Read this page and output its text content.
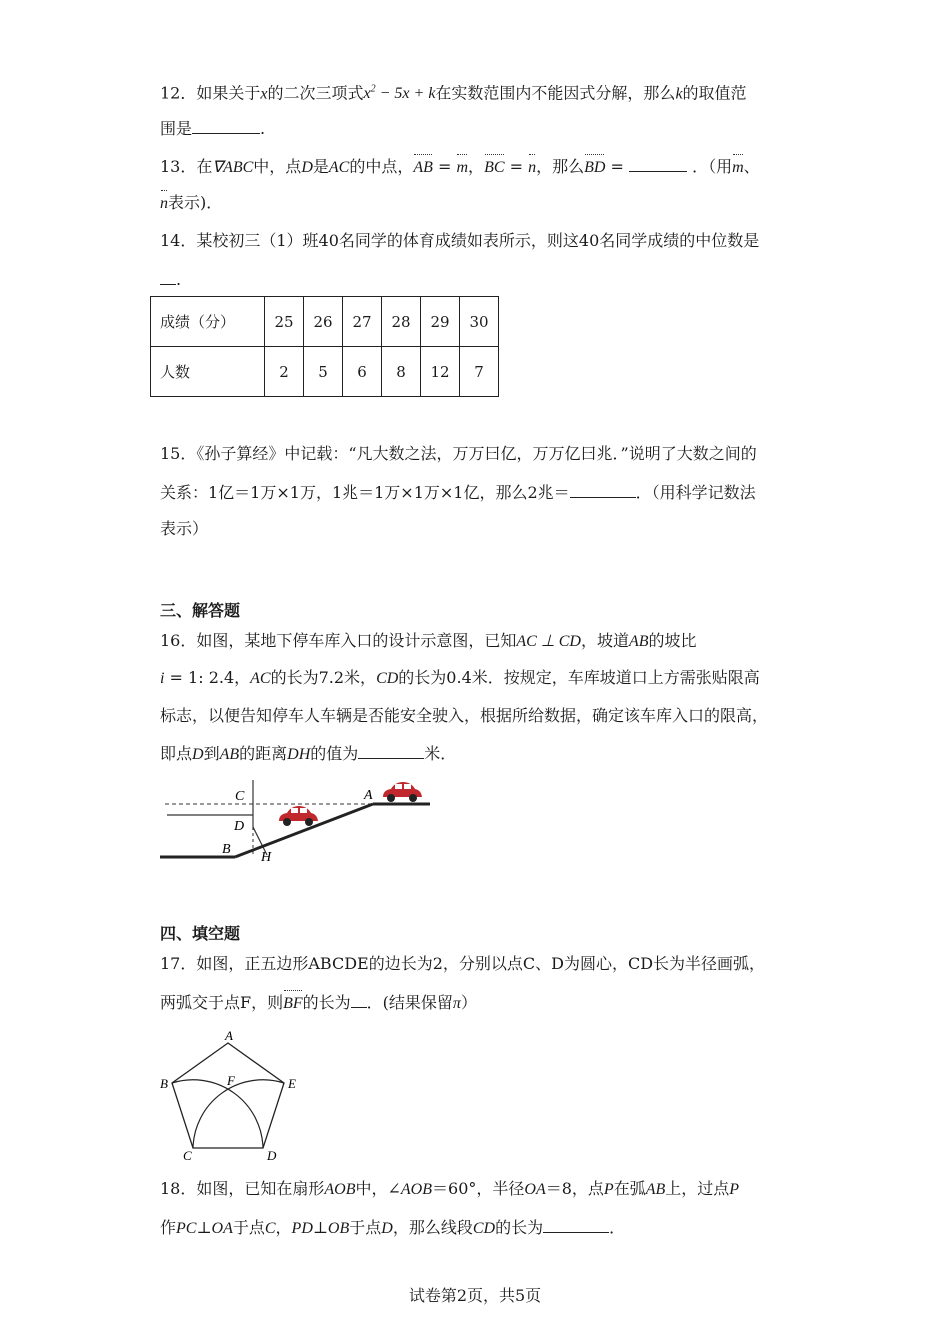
12．如果关于x的二次三项式$x^2 - 5x + k$在实数范围内不能因式分解，那么k的取值范
围是	.
13．在∇ABC中，点D是AC的中点，AB = m，BC = n，那么BD =	．（用m、
n表示)．
14．某校初三（1）班40名同学的体育成绩如表所示，则这40名同学成绩的中位数是
.
成绩（分）	25	26	27	28	29	30
人数	2	5	6	8	12	7
15．《孙子算经》中记载：“凡大数之法，万万曰亿，万万亿曰兆．”说明了大数之间的
关系：1亿＝1万×1万，1兆＝1万×1万×1亿，那么2兆＝	．（用科学记数法
表示）
三、解答题
16．如图，某地下停车库入口的设计示意图，已知AC ⊥ CD，坡道AB的坡比
i = 1: 2.4，AC的长为7.2米，CD的长为0.4米．按规定，车库坡道口上方需张贴限高
标志，以便告知停车人车辆是否能安全驶入，根据所给数据，确定该车库入口的限高，
即点D到AB的距离DH的值为	米．
C	A
D
B
H
四、填空题
17．如图，正五边形ABCDE的边长为2，分别以点C、D为圆心，CD长为半径画弧，
两弧交于点F，则BF的长为 ．(结果保留π）
A
B	F	E
C	D
18．如图，已知在扇形AOB中，∠AOB＝60°，半径OA＝8，点P在弧AB上，过点P
作PC⊥OA于点C，PD⊥OB于点D，那么线段CD的长为	．
试卷第2页，共5页
